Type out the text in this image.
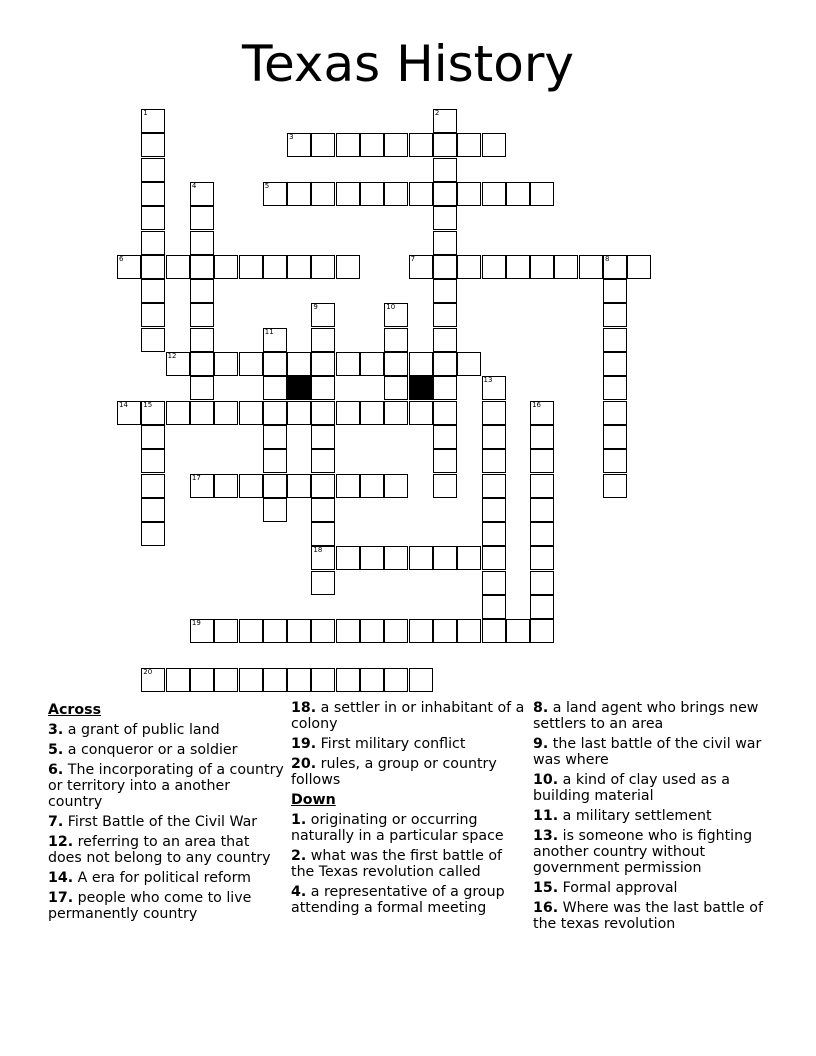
Texas History
1	2
3
4	5
6	7	8
9
18
10
11
12
13
14 15	16
17
19
20
Across
3. a grant of public land
5. a conqueror or a soldier
6. The incorporating of a country or territory into a another country
7. First Battle of the Civil War
12. referring to an area that does not belong to any country
14. A era for political reform
17. people who come to live permanently country
18. a settler in or inhabitant of a colony
19. First military conflict
20. rules, a group or country follows
Down
1. originating or occurring naturally in a particular space
2. what was the first battle of the Texas revolution called
4. a representative of a group attending a formal meeting
8. a land agent who brings new settlers to an area
9. the last battle of the civil war was where
10. a kind of clay used as a building material
11. a military settlement
13. is someone who is fighting another country without government permission
15. Formal approval
16. Where was the last battle of the texas revolution
